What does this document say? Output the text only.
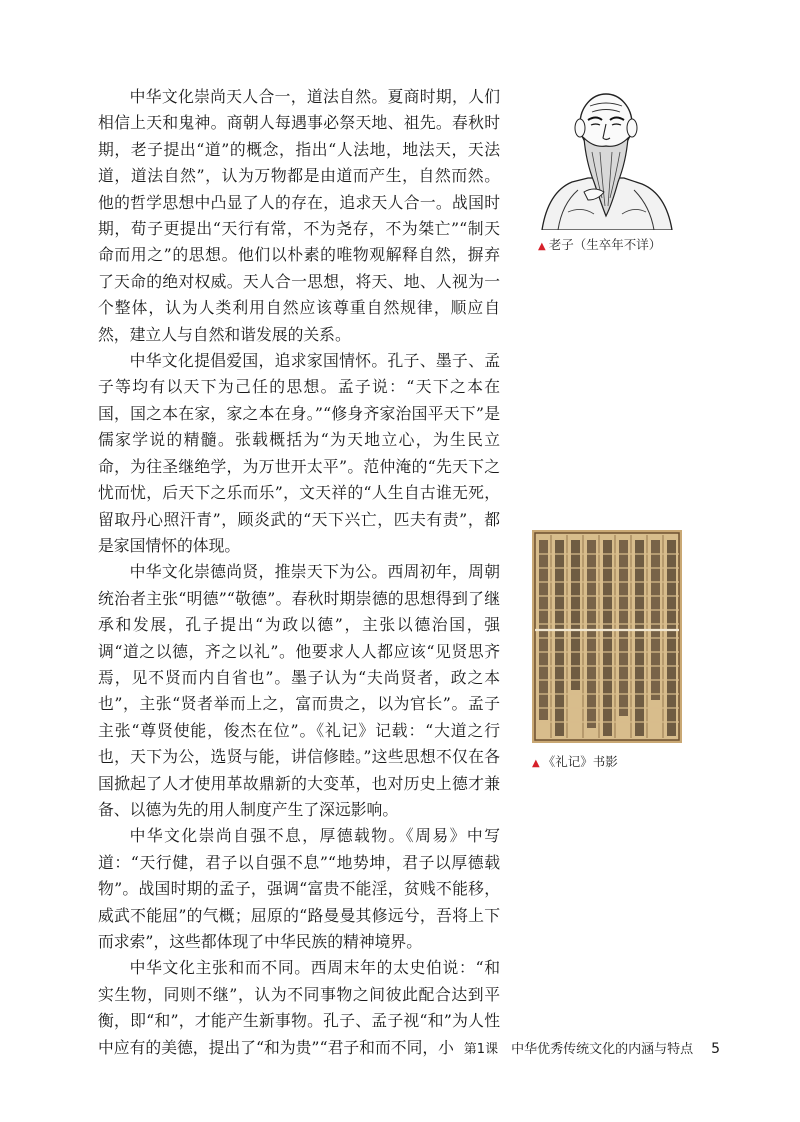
中华文化崇尚天人合一，道法自然。夏商时期，人们相信上天和鬼神。商朝人每遇事必祭天地、祖先。春秋时期，老子提出“道”的概念，指出“人法地，地法天，天法道，道法自然”，认为万物都是由道而产生，自然而然。他的哲学思想中凸显了人的存在，追求天人合一。战国时期，荀子更提出“天行有常，不为尧存，不为桀亡”“制天命而用之”的思想。他们以朴素的唯物观解释自然，摒弃了天命的绝对权威。天人合一思想，将天、地、人视为一个整体，认为人类利用自然应该尊重自然规律，顺应自然，建立人与自然和谐发展的关系。

中华文化提倡爱国，追求家国情怀。孔子、墨子、孟子等均有以天下为己任的思想。孟子说：“天下之本在国，国之本在家，家之本在身。”“修身齐家治国平天下”是儒家学说的精髓。张载概括为“为天地立心，为生民立命，为往圣继绝学，为万世开太平”。范仲淹的“先天下之忧而忧，后天下之乐而乐”，文天祥的“人生自古谁无死，留取丹心照汗青”，顾炎武的“天下兴亡，匹夫有责”，都是家国情怀的体现。

中华文化崇德尚贤，推崇天下为公。西周初年，周朝统治者主张“明德”“敬德”。春秋时期崇德的思想得到了继承和发展，孔子提出“为政以德”，主张以德治国，强调“道之以德，齐之以礼”。他要求人人都应该“见贤思齐焉，见不贤而内自省也”。墨子认为“夫尚贤者，政之本也”，主张“贤者举而上之，富而贵之，以为官长”。孟子主张“尊贤使能，俊杰在位”。《礼记》记载：“大道之行也，天下为公，选贤与能，讲信修睦。”这些思想不仅在各国掀起了人才使用革故鼎新的大变革，也对历史上德才兼备、以德为先的用人制度产生了深远影响。

中华文化崇尚自强不息，厚德载物。《周易》中写道：“天行健，君子以自强不息”“地势坤，君子以厚德载物”。战国时期的孟子，强调“富贵不能淫，贫贱不能移，威武不能屈”的气概；屈原的“路曼曼其修远兮，吾将上下而求索”，这些都体现了中华民族的精神境界。

中华文化主张和而不同。西周末年的太史伯说：“和实生物，同则不继”，认为不同事物之间彼此配合达到平衡，即“和”，才能产生新事物。孔子、孟子视“和”为人性中应有的美德，提出了“和为贵”“君子和而不同，小

▲ 老子（生卒年不详）
▲ 《礼记》书影
第1课　中华优秀传统文化的内涵与特点 5
